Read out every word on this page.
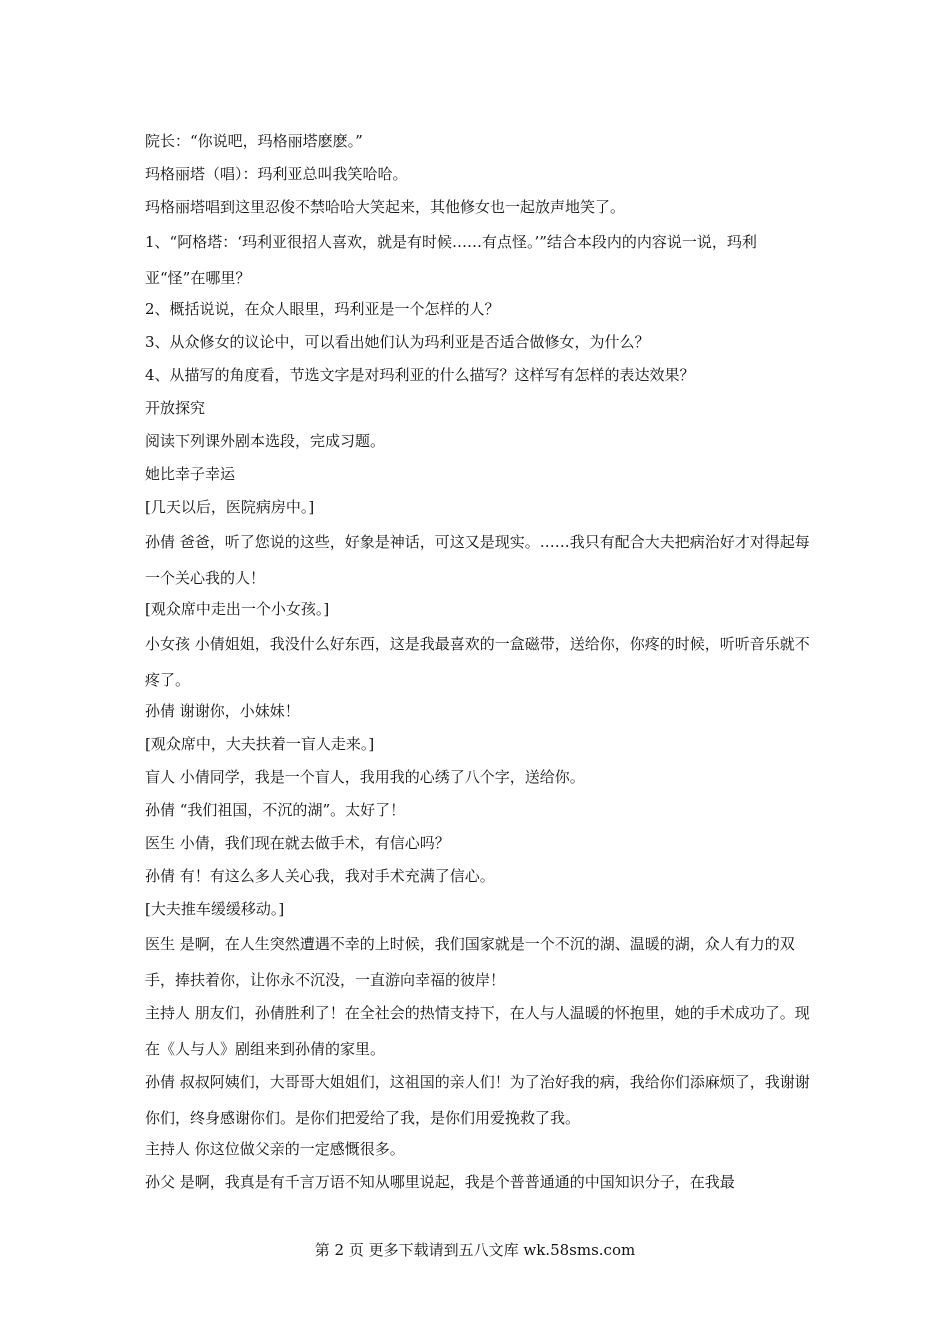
院长：“你说吧，玛格丽塔麽麽。”

玛格丽塔（唱）：玛利亚总叫我笑哈哈。

玛格丽塔唱到这里忍俊不禁哈哈大笑起来，其他修女也一起放声地笑了。

1、“阿格塔：‘玛利亚很招人喜欢，就是有时候……有点怪。’”结合本段内的内容说一说，玛利亚“怪”在哪里？

2、概括说说，在众人眼里，玛利亚是一个怎样的人？

3、从众修女的议论中，可以看出她们认为玛利亚是否适合做修女，为什么？

4、从描写的角度看，节选文字是对玛利亚的什么描写？这样写有怎样的表达效果？

开放探究

阅读下列课外剧本选段，完成习题。

她比幸子幸运

[几天以后，医院病房中。]

孙倩 爸爸，听了您说的这些，好象是神话，可这又是现实。……我只有配合大夫把病治好才对得起每一个关心我的人！

[观众席中走出一个小女孩。]

小女孩 小倩姐姐，我没什么好东西，这是我最喜欢的一盒磁带，送给你，你疼的时候，听听音乐就不疼了。

孙倩 谢谢你，小妹妹！

[观众席中，大夫扶着一盲人走来。]

盲人 小倩同学，我是一个盲人，我用我的心绣了八个字，送给你。

孙倩 “我们祖国，不沉的湖”。太好了！

医生 小倩，我们现在就去做手术，有信心吗？

孙倩 有！有这么多人关心我，我对手术充满了信心。

[大夫推车缓缓移动。]

医生 是啊，在人生突然遭遇不幸的上时候，我们国家就是一个不沉的湖、温暖的湖，众人有力的双手，捧扶着你，让你永不沉没，一直游向幸福的彼岸！

主持人 朋友们，孙倩胜利了！在全社会的热情支持下，在人与人温暖的怀抱里，她的手术成功了。现在《人与人》剧组来到孙倩的家里。

孙倩 叔叔阿姨们，大哥哥大姐姐们，这祖国的亲人们！为了治好我的病，我给你们添麻烦了，我谢谢你们，终身感谢你们。是你们把爱给了我，是你们用爱挽救了我。

主持人 你这位做父亲的一定感慨很多。

孙父 是啊，我真是有千言万语不知从哪里说起，我是个普普通通的中国知识分子，在我最

第 2 页 更多下载请到五八文库 wk.58sms.com
